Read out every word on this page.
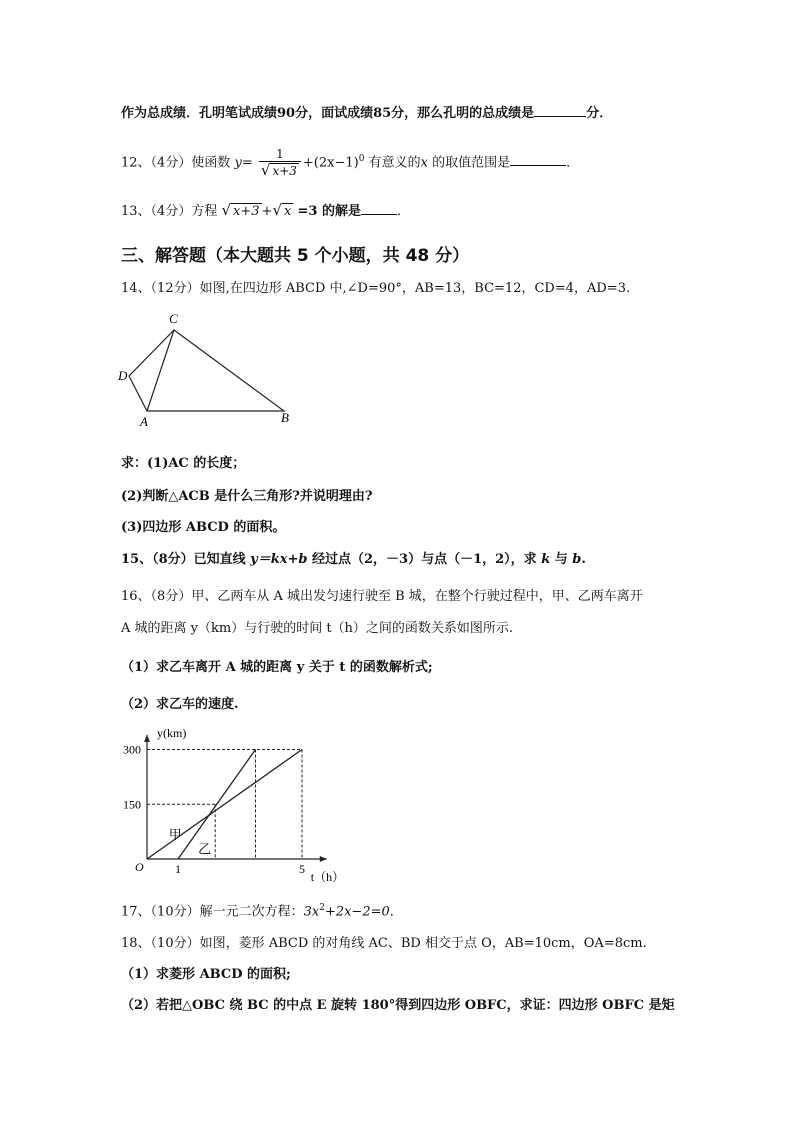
作为总成绩．孔明笔试成绩90分，面试成绩85分，那么孔明的总成绩是	分．
12、（4分）使函数 $y= \frac{1}{√ x+3} +(2x-1)^0$ 有意义的x 的取值范围是	．
13、（4分）方程 √ x+3 +√ x =3 的解是	．
三、解答题（本大题共 5 个小题，共 48 分）
14、（12分）如图,在四边形 ABCD 中,∠D=90°，AB=13，BC=12，CD=4，AD=3.
C
D
A	B
求：(1)AC 的长度；
(2)判断△ACB 是什么三角形?并说明理由?
(3)四边形 ABCD 的面积。
15、（8分）已知直线 y＝kx+b 经过点（2，－3）与点（－1，2），求 k 与 b.
16、（8分）甲、乙两车从 A 城出发匀速行驶至 B 城，在整个行驶过程中，甲、乙两车离开
A 城的距离 y（km）与行驶的时间 t（h）之间的函数关系如图所示.
（1）求乙车离开 A 城的距离 y 关于 t 的函数解析式;
（2）求乙车的速度.
300
150
1	5
O
y(km)
t（h）
甲
乙
17、（10分）解一元二次方程：$3x^2+2x-2=0$．
18、（10分）如图，菱形 ABCD 的对角线 AC、BD 相交于点 O，AB=10cm，OA=8cm.
（1）求菱形 ABCD 的面积;
（2）若把△OBC 绕 BC 的中点 E 旋转 180°得到四边形 OBFC，求证：四边形 OBFC 是矩
